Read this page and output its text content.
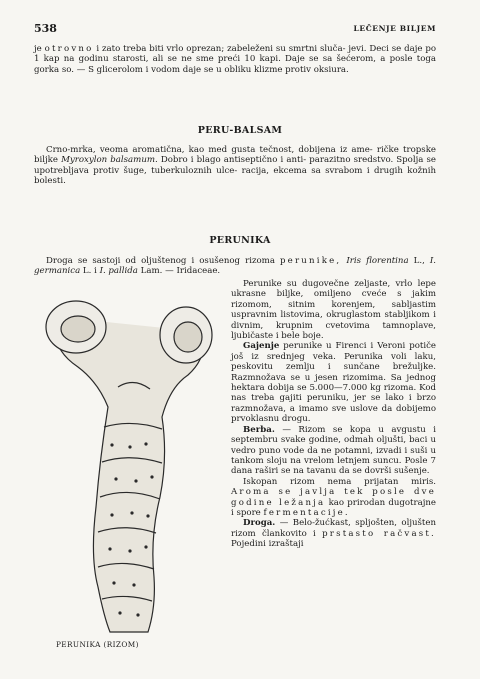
538	LEČENJE BILJEM

je otrovno i zato treba biti vrlo oprezan; zabeleženi su smrtni sluča- jevi. Deci se daje po 1 kap na godinu starosti, ali se ne sme preći 10 kapi. Daje se sa šećerom, a posle toga gorka so. — S glicerolom i vodom daje se u obliku klizme protiv oksiura.

PERU-BALSAM

Crno-mrka, veoma aromatična, kao med gusta tečnost, dobijena iz ame- ričke tropske biljke Myroxylon balsamum. Dobro i blago antiseptično i anti- parazitno sredstvo. Spolja se upotrebljava protiv šuge, tuberkuloznih ulce- racija, ekcema sa svrabom i drugih kožnih bolesti.

PERUNIKA

Droga se sastoji od oljuštenog i osušenog rizoma perunike, Iris florentina L., I. germanica L. i I. pallida Lam. — Iridaceae.

Perunike su dugovečne zeljaste, vrlo lepe ukrasne biljke, omiljeno cveće s jakim rizomom, sitnim korenjem, sabljastim uspravnim listovima, okruglastom stabljikom i divnim, krupnim cvetovima tamnoplave, ljubičaste i bele boje.

Gajenje perunike u Firenci i Veroni potiče još iz srednjeg veka. Perunika voli laku, peskovitu zemlju i sunčane brežuljke. Razmnožava se u jesen rizomima. Sa jednog hektara dobija se 5.000—7.000 kg rizoma. Kod nas treba gajiti peruniku, jer se lako i brzo razmnožava, a imamo sve uslove da dobijemo prvoklasnu drogu.

Berba. — Rizom se kopa u avgustu i septembru svake godine, odmah oljušti, baci u vedro puno vode da ne potamni, izvadi i suši u tankom sloju na vrelom letnjem suncu. Posle 7 dana raširi se na tavanu da se dovrši sušenje.

Iskopan rizom nema prijatan miris. Aroma se javlja tek posle dve godine ležanja kao prirodan dugotrajne i spore fermentacije.

Droga. — Belo-žućkast, spljošten, oljušten rizom člankovito i prstasto račvast. Pojedini izraštaji

PERUNIKA (RIZOM)
